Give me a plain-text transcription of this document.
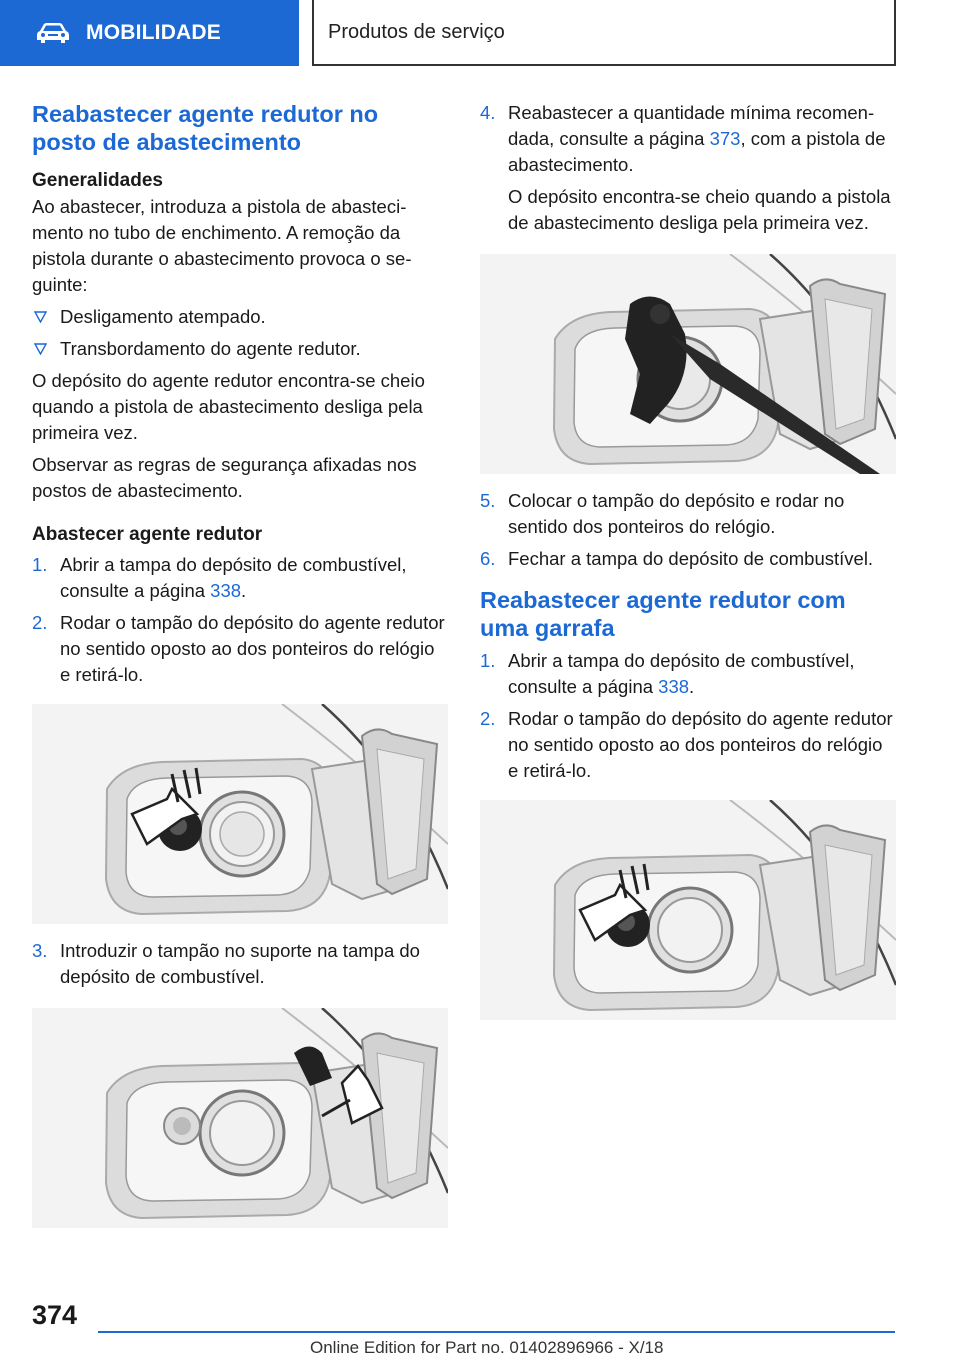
MOBILIDADE	Produtos de serviço
Reabastecer agente redutor no posto de abastecimento
Generalidades

Ao abastecer, introduza a pistola de abastecimento no tubo de enchimento. A remoção da pistola durante o abastecimento provoca o seguinte:

Desligamento atempado.
Transbordamento do agente redutor.

O depósito do agente redutor encontra-se cheio quando a pistola de abastecimento desliga pela primeira vez.

Observar as regras de segurança afixadas nos postos de abastecimento.

Abastecer agente redutor
1. Abrir a tampa do depósito de combustível, consulte a página 338.
2. Rodar o tampão do depósito do agente redutor no sentido oposto ao dos ponteiros do relógio e retirá-lo.
3. Introduzir o tampão no suporte na tampa do depósito de combustível.
4. Reabastecer a quantidade mínima recomendada, consulte a página 373, com a pistola de abastecimento.

O depósito encontra-se cheio quando a pistola de abastecimento desliga pela primeira vez.

5. Colocar o tampão do depósito e rodar no sentido dos ponteiros do relógio.
6. Fechar a tampa do depósito de combustível.
Reabastecer agente redutor com uma garrafa
1. Abrir a tampa do depósito de combustível, consulte a página 338.
2. Rodar o tampão do depósito do agente redutor no sentido oposto ao dos ponteiros do relógio e retirá-lo.
374
Online Edition for Part no. 01402896966 - X/18
